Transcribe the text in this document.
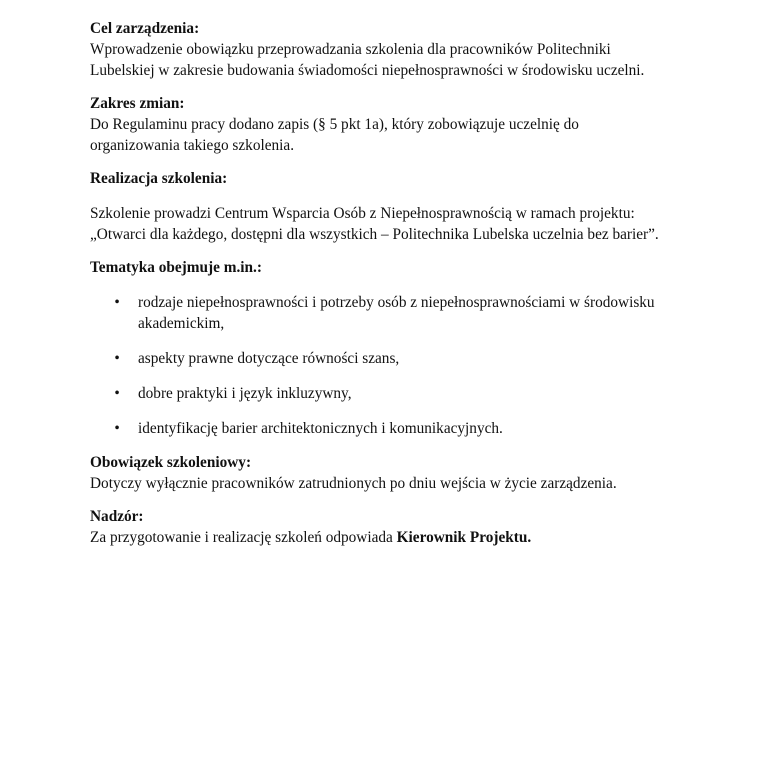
Cel zarządzenia:

Wprowadzenie obowiązku przeprowadzania szkolenia dla pracowników Politechniki Lubelskiej w zakresie budowania świadomości niepełnosprawności w środowisku uczelni.

Zakres zmian:

Do Regulaminu pracy dodano zapis (§ 5 pkt 1a), który zobowiązuje uczelnię do organizowania takiego szkolenia.

Realizacja szkolenia:

Szkolenie prowadzi Centrum Wsparcia Osób z Niepełnosprawnością w ramach projektu:

„Otwarci dla każdego, dostępni dla wszystkich – Politechnika Lubelska uczelnia bez barier”.

Tematyka obejmuje m.in.:

• rodzaje niepełnosprawności i potrzeby osób z niepełnosprawnościami w środowisku akademickim,
• aspekty prawne dotyczące równości szans,
• dobre praktyki i język inkluzywny,
• identyfikację barier architektonicznych i komunikacyjnych.

Obowiązek szkoleniowy:

Dotyczy wyłącznie pracowników zatrudnionych po dniu wejścia w życie zarządzenia.

Nadzór:

Za przygotowanie i realizację szkoleń odpowiada Kierownik Projektu.
